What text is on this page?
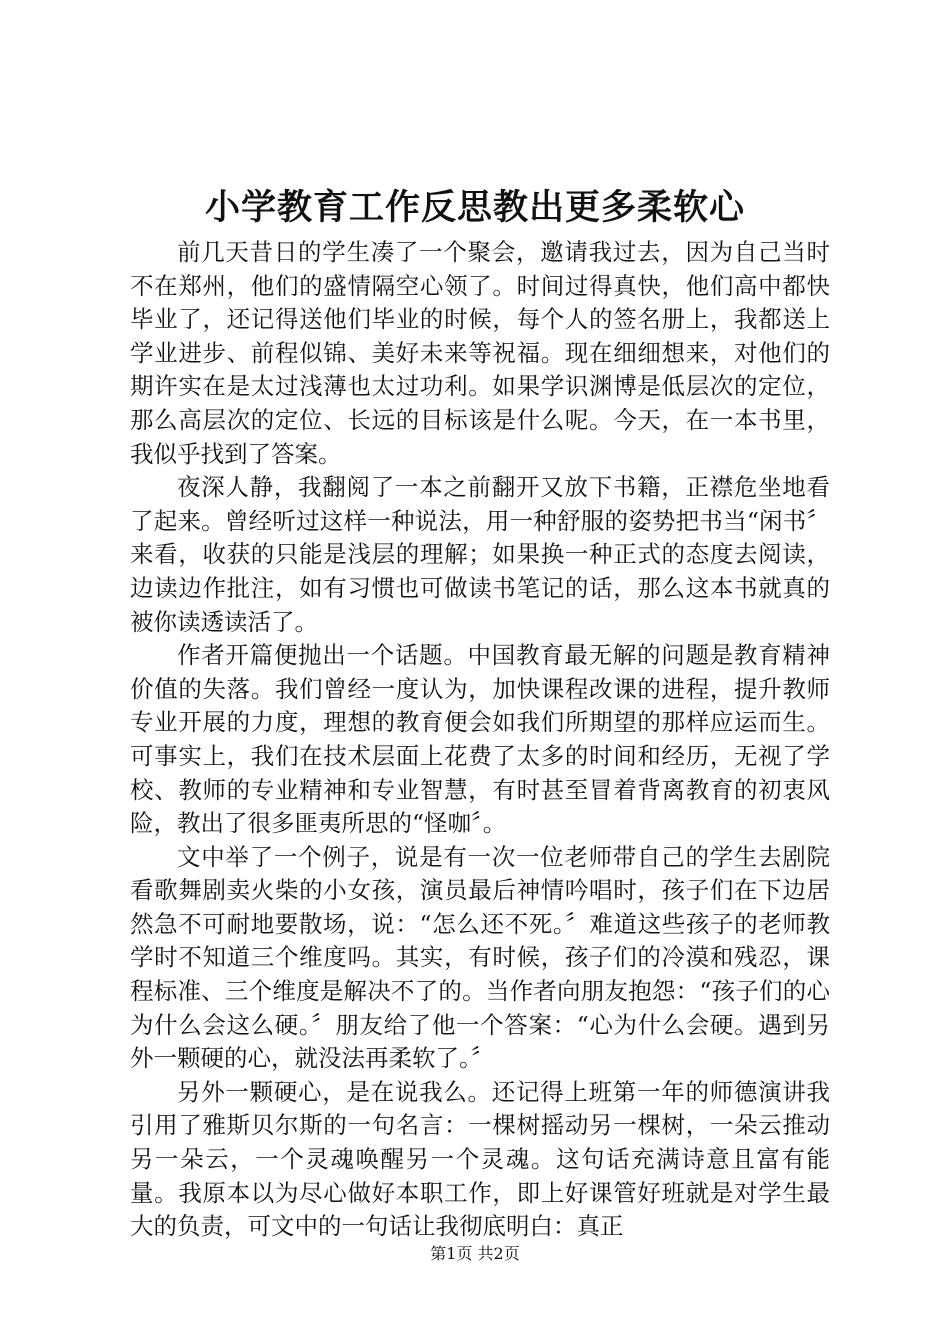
小学教育工作反思教出更多柔软心

前几天昔日的学生凑了一个聚会，邀请我过去，因为自己当时不在郑州，他们的盛情隔空心领了。时间过得真快，他们高中都快毕业了，还记得送他们毕业的时候，每个人的签名册上，我都送上学业进步、前程似锦、美好未来等祝福。现在细细想来，对他们的期许实在是太过浅薄也太过功利。如果学识渊博是低层次的定位，那么高层次的定位、长远的目标该是什么呢。今天，在一本书里，我似乎找到了答案。

夜深人静，我翻阅了一本之前翻开又放下书籍，正襟危坐地看了起来。曾经听过这样一种说法，用一种舒服的姿势把书当“闲书〞来看，收获的只能是浅层的理解；如果换一种正式的态度去阅读，边读边作批注，如有习惯也可做读书笔记的话，那么这本书就真的被你读透读活了。

作者开篇便抛出一个话题。中国教育最无解的问题是教育精神价值的失落。我们曾经一度认为，加快课程改课的进程，提升教师专业开展的力度，理想的教育便会如我们所期望的那样应运而生。可事实上，我们在技术层面上花费了太多的时间和经历，无视了学校、教师的专业精神和专业智慧，有时甚至冒着背离教育的初衷风险，教出了很多匪夷所思的“怪咖〞。

文中举了一个例子，说是有一次一位老师带自己的学生去剧院看歌舞剧卖火柴的小女孩，演员最后神情吟唱时，孩子们在下边居然急不可耐地要散场，说：“怎么还不死。〞难道这些孩子的老师教学时不知道三个维度吗。其实，有时候，孩子们的冷漠和残忍，课程标准、三个维度是解决不了的。当作者向朋友抱怨：“孩子们的心为什么会这么硬。〞朋友给了他一个答案：“心为什么会硬。遇到另外一颗硬的心，就没法再柔软了。〞

另外一颗硬心，是在说我么。还记得上班第一年的师德演讲我引用了雅斯贝尔斯的一句名言：一棵树摇动另一棵树，一朵云推动另一朵云，一个灵魂唤醒另一个灵魂。这句话充满诗意且富有能量。我原本以为尽心做好本职工作，即上好课管好班就是对学生最大的负责，可文中的一句话让我彻底明白：真正

第1页 共2页
